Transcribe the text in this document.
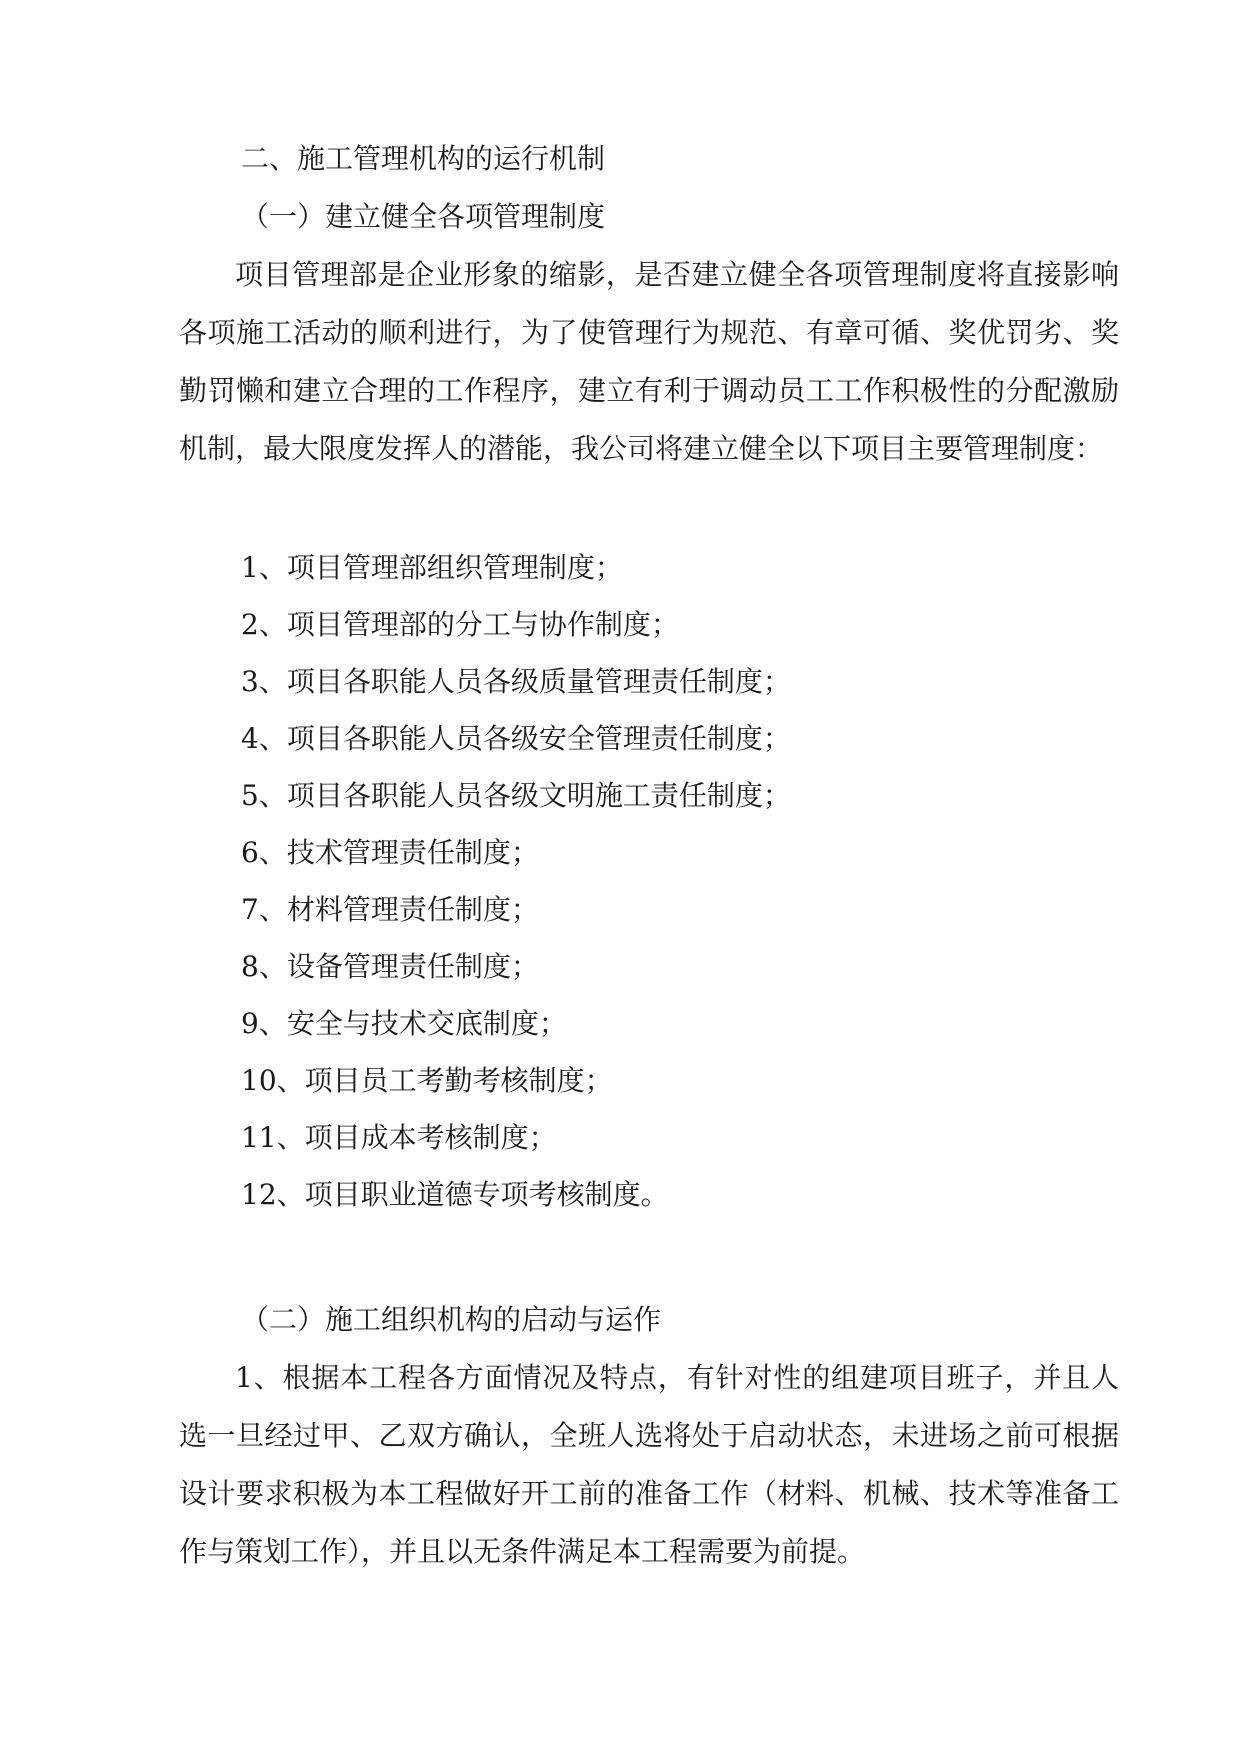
二、施工管理机构的运行机制

（一）建立健全各项管理制度

项目管理部是企业形象的缩影，是否建立健全各项管理制度将直接影响各项施工活动的顺利进行，为了使管理行为规范、有章可循、奖优罚劣、奖勤罚懒和建立合理的工作程序，建立有利于调动员工工作积极性的分配激励机制，最大限度发挥人的潜能，我公司将建立健全以下项目主要管理制度：

1、项目管理部组织管理制度；

2、项目管理部的分工与协作制度；

3、项目各职能人员各级质量管理责任制度；

4、项目各职能人员各级安全管理责任制度；

5、项目各职能人员各级文明施工责任制度；

6、技术管理责任制度；

7、材料管理责任制度；

8、设备管理责任制度；

9、安全与技术交底制度；

10、项目员工考勤考核制度；

11、项目成本考核制度；

12、项目职业道德专项考核制度。

（二）施工组织机构的启动与运作

1、根据本工程各方面情况及特点，有针对性的组建项目班子，并且人选一旦经过甲、乙双方确认，全班人选将处于启动状态，未进场之前可根据设计要求积极为本工程做好开工前的准备工作（材料、机械、技术等准备工作与策划工作），并且以无条件满足本工程需要为前提。
